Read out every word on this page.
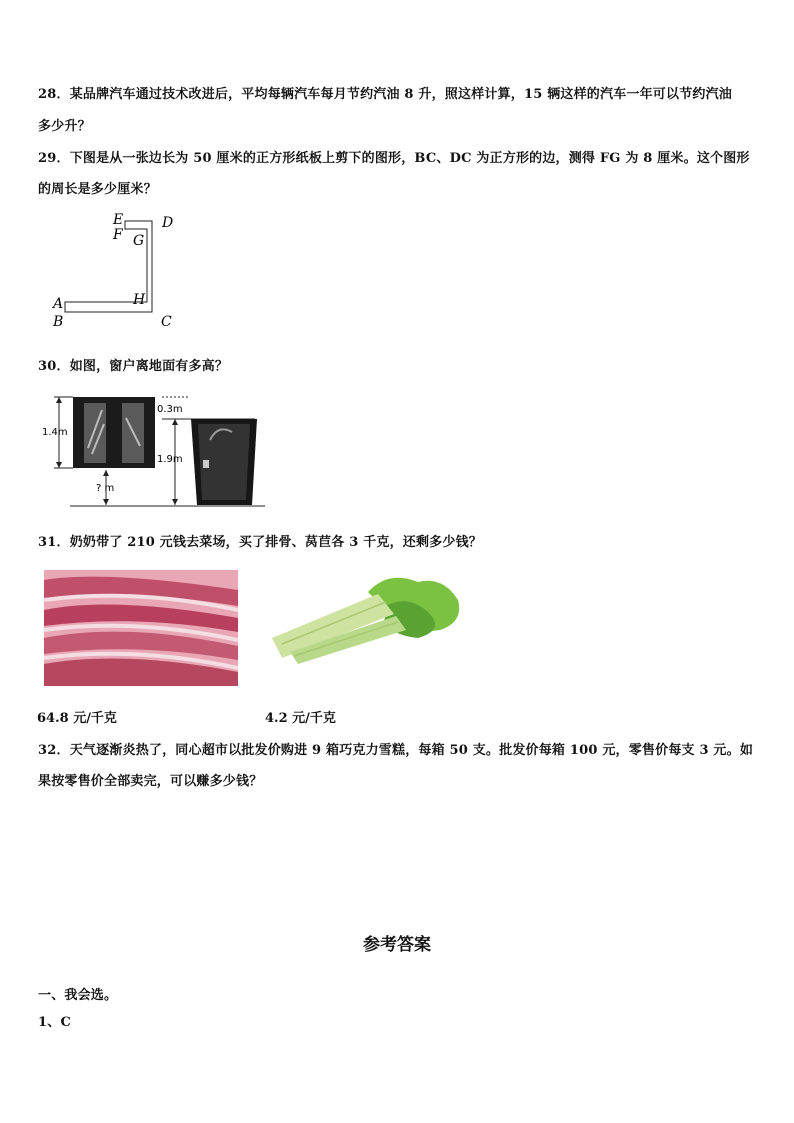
28．某品牌汽车通过技术改进后，平均每辆汽车每月节约汽油 8 升，照这样计算，15 辆这样的汽车一年可以节约汽油
多少升？
29．下图是从一张边长为 50 厘米的正方形纸板上剪下的图形，BC、DC 为正方形的边，测得 FG 为 8 厘米。这个图形
的周长是多少厘米？
E	D
F G
A	H
B	C
30．如图，窗户离地面有多高？
1.4m
? m
0.3m
1.9m
31．奶奶带了 210 元钱去菜场，买了排骨、莴苣各 3 千克，还剩多少钱？
64.8 元/千克	4.2 元/千克
32．天气逐渐炎热了，同心超市以批发价购进 9 箱巧克力雪糕，每箱 50 支。批发价每箱 100 元，零售价每支 3 元。如
果按零售价全部卖完，可以赚多少钱？
参考答案
一、我会选。
1、C
